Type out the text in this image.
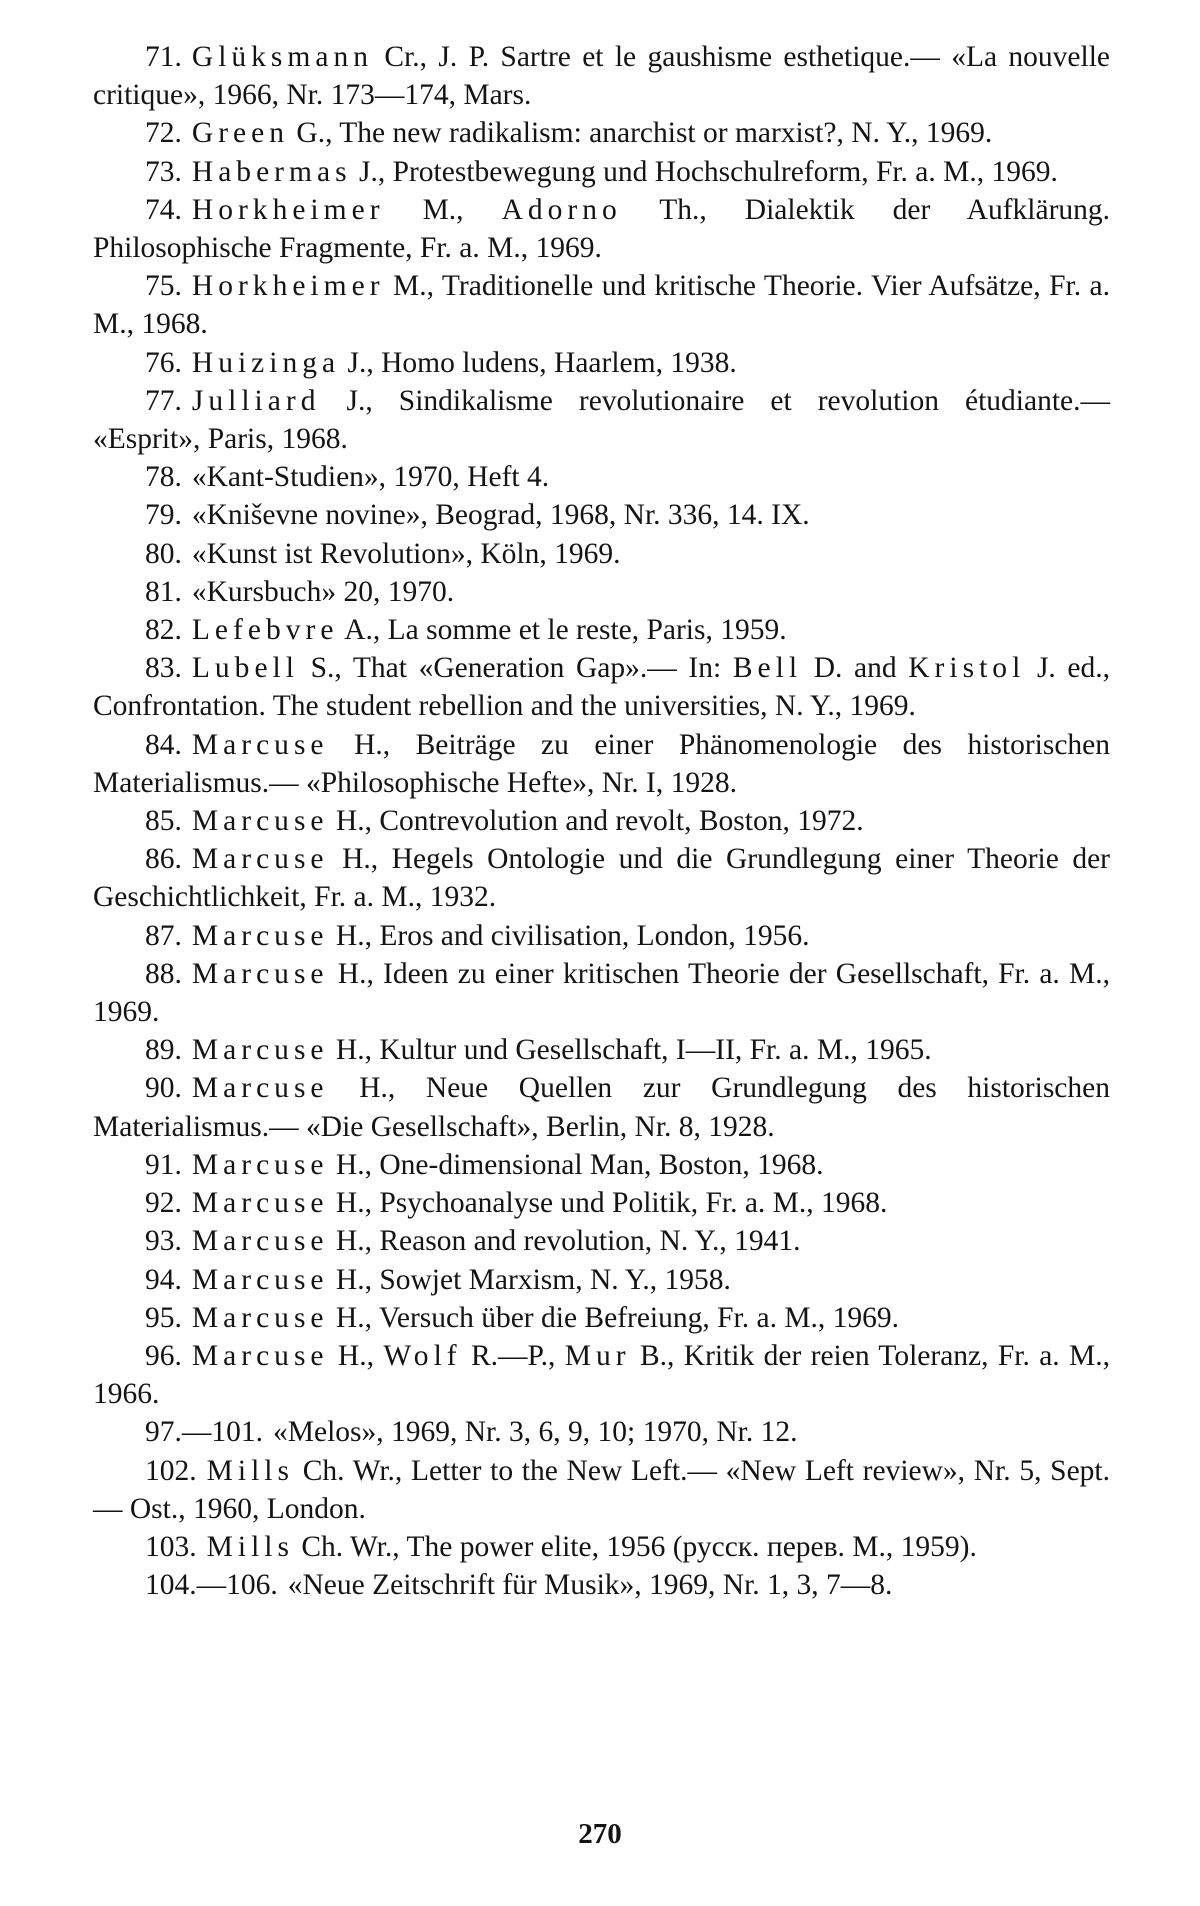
71. Glüksmann Cr., J. P. Sartre et le gaushisme esthetique.— «La nouvelle critique», 1966, Nr. 173—174, Mars.

72. Green G., The new radikalism: anarchist or marxist?, N. Y., 1969.

73. Habermas J., Protestbewegung und Hochschulreform, Fr. a. M., 1969.

74. Horkheimer M., Adorno Th., Dialektik der Aufklärung. Philosophische Fragmente, Fr. a. M., 1969.

75. Horkheimer M., Traditionelle und kritische Theorie. Vier Aufsätze, Fr. a. M., 1968.

76. Huizinga J., Homo ludens, Haarlem, 1938.

77. Julliard J., Sindikalisme revolutionaire et revolution étudiante.— «Esprit», Paris, 1968.

78. «Kant-Studien», 1970, Heft 4.

79. «Kniševne novine», Beograd, 1968, Nr. 336, 14. IX.

80. «Kunst ist Revolution», Köln, 1969.

81. «Kursbuch» 20, 1970.

82. Lefebvre A., La somme et le reste, Paris, 1959.

83. Lubell S., That «Generation Gap».— In: Bell D. and Kristol J. ed., Confrontation. The student rebellion and the universities, N. Y., 1969.

84. Marcuse H., Beiträge zu einer Phänomenologie des historischen Materialismus.— «Philosophische Hefte», Nr. I, 1928.

85. Marcuse H., Contrevolution and revolt, Boston, 1972.

86. Marcuse H., Hegels Ontologie und die Grundlegung einer Theorie der Geschichtlichkeit, Fr. a. M., 1932.

87. Marcuse H., Eros and civilisation, London, 1956.

88. Marcuse H., Ideen zu einer kritischen Theorie der Gesellschaft, Fr. a. M., 1969.

89. Marcuse H., Kultur und Gesellschaft, I—II, Fr. a. M., 1965.

90. Marcuse H., Neue Quellen zur Grundlegung des historischen Materialismus.— «Die Gesellschaft», Berlin, Nr. 8, 1928.

91. Marcuse H., One-dimensional Man, Boston, 1968.

92. Marcuse H., Psychoanalyse und Politik, Fr. a. M., 1968.

93. Marcuse H., Reason and revolution, N. Y., 1941.

94. Marcuse H., Sowjet Marxism, N. Y., 1958.

95. Marcuse H., Versuch über die Befreiung, Fr. a. M., 1969.

96. Marcuse H., Wolf R.—P., Mur B., Kritik der reien Toleranz, Fr. a. M., 1966.

97.—101. «Melos», 1969, Nr. 3, 6, 9, 10; 1970, Nr. 12.

102. Mills Ch. Wr., Letter to the New Left.— «New Left review», Nr. 5, Sept.— Ost., 1960, London.

103. Mills Ch. Wr., The power elite, 1956 (русск. перев. М., 1959).

104.—106. «Neue Zeitschrift für Musik», 1969, Nr. 1, 3, 7—8.

270
